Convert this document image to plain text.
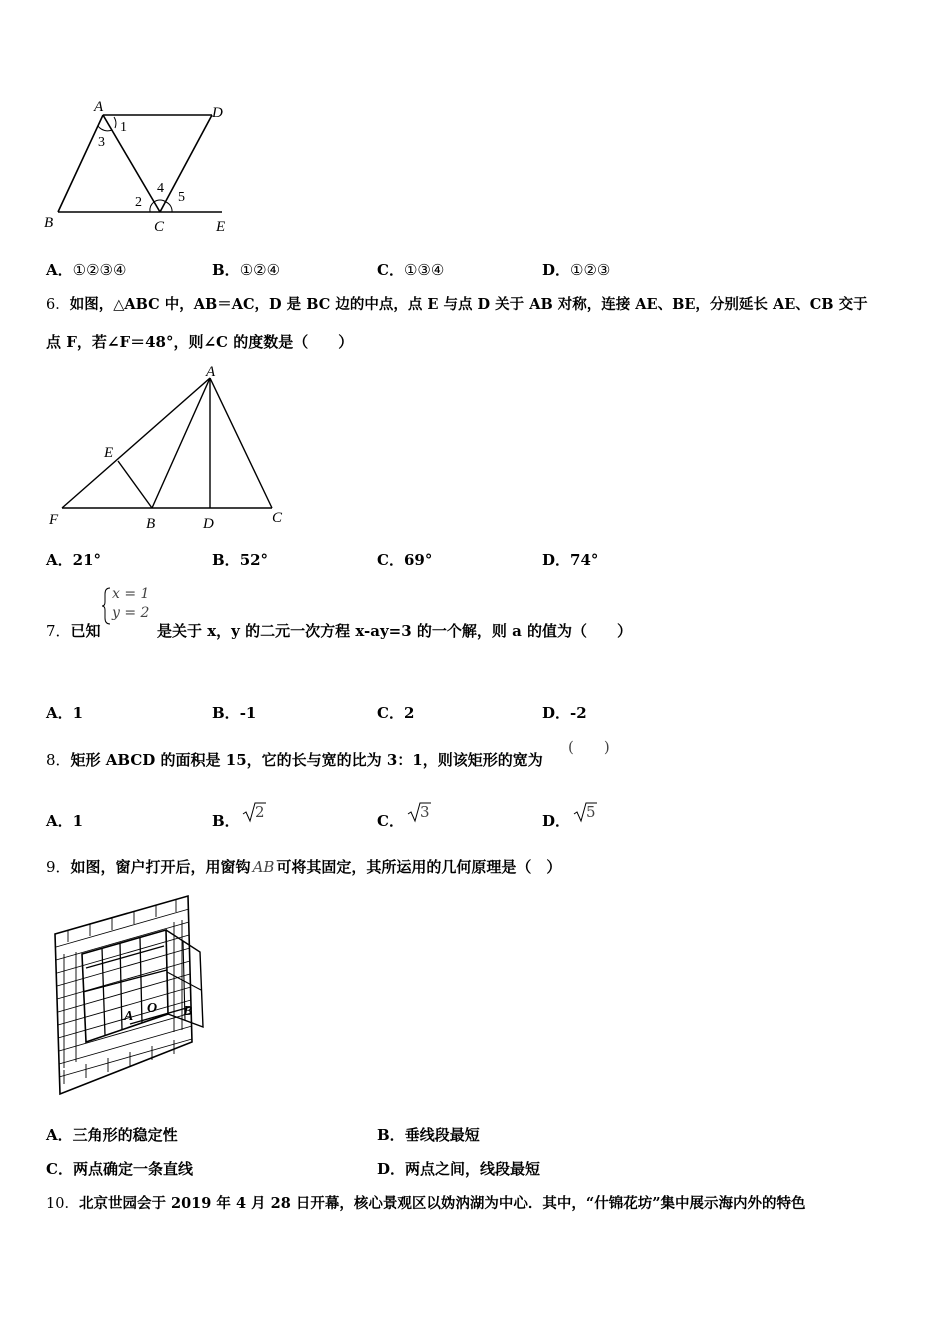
A	D
B	C	E
1
2
3
4
5
A．①②③④	B．①②④	C．①③④	D．①②③
6．如图，△ABC 中，AB＝AC，D 是 BC 边的中点，点 E 与点 D 关于 AB 对称，连接 AE、BE，分别延长 AE、CB 交于
点 F，若∠F＝48°，则∠C 的度数是（　　）
A
E
F	B	D	C
A．21°	B．52°	C．69°	D．74°
x = 1
y = 2
7．已知	是关于 x，y 的二元一次方程 x-ay=3 的一个解，则 a 的值为（　　）
A．1	B．-1	C．2	D．-2
8．矩形 ABCD 的面积是 15，它的长与宽的比为 3：1，则该矩形的宽为
(　　)
A．1	B． 2	C． 3	D． 5
9．如图，窗户打开后，用窗钩 AB 可将其固定，其所运用的几何原理是（　）
A
O B
A．三角形的稳定性	B．垂线段最短
C．两点确定一条直线	D．两点之间，线段最短
10．北京世园会于 2019 年 4 月 28 日开幕，核心景观区以妫汭湖为中心．其中，“什锦花坊”集中展示海内外的特色
